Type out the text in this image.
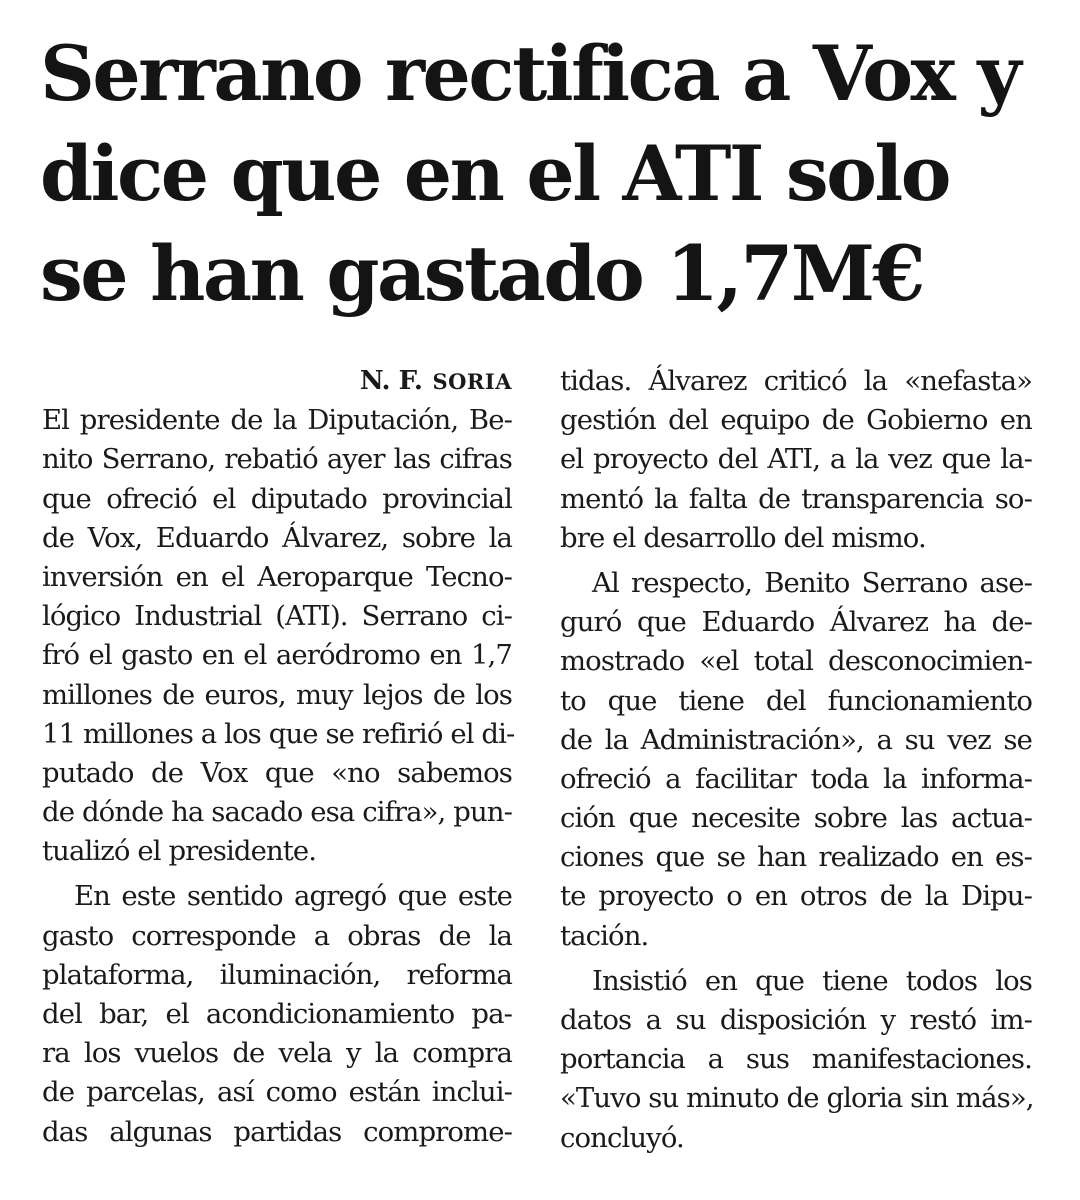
Serrano rectifica a Vox y
dice que en el ATI solo
se han gastado 1,7M€
N. F. SORIA
El presidente de la Diputación, Be-
nito Serrano, rebatió ayer las cifras
que ofreció el diputado provincial
de Vox, Eduardo Álvarez, sobre la
inversión en el Aeroparque Tecno-
lógico Industrial (ATI). Serrano ci-
fró el gasto en el aeródromo en 1,7
millones de euros, muy lejos de los
11 millones a los que se refirió el di-
putado de Vox que «no sabemos
de dónde ha sacado esa cifra», pun-
tualizó el presidente.
En este sentido agregó que este
gasto corresponde a obras de la
plataforma, iluminación, reforma
del bar, el acondicionamiento pa-
ra los vuelos de vela y la compra
de parcelas, así como están inclui-
das algunas partidas comprome-
tidas. Álvarez criticó la «nefasta»
gestión del equipo de Gobierno en
el proyecto del ATI, a la vez que la-
mentó la falta de transparencia so-
bre el desarrollo del mismo.
Al respecto, Benito Serrano ase-
guró que Eduardo Álvarez ha de-
mostrado «el total desconocimien-
to que tiene del funcionamiento
de la Administración», a su vez se
ofreció a facilitar toda la informa-
ción que necesite sobre las actua-
ciones que se han realizado en es-
te proyecto o en otros de la Dipu-
tación.
Insistió en que tiene todos los
datos a su disposición y restó im-
portancia a sus manifestaciones.
«Tuvo su minuto de gloria sin más»,
concluyó.
